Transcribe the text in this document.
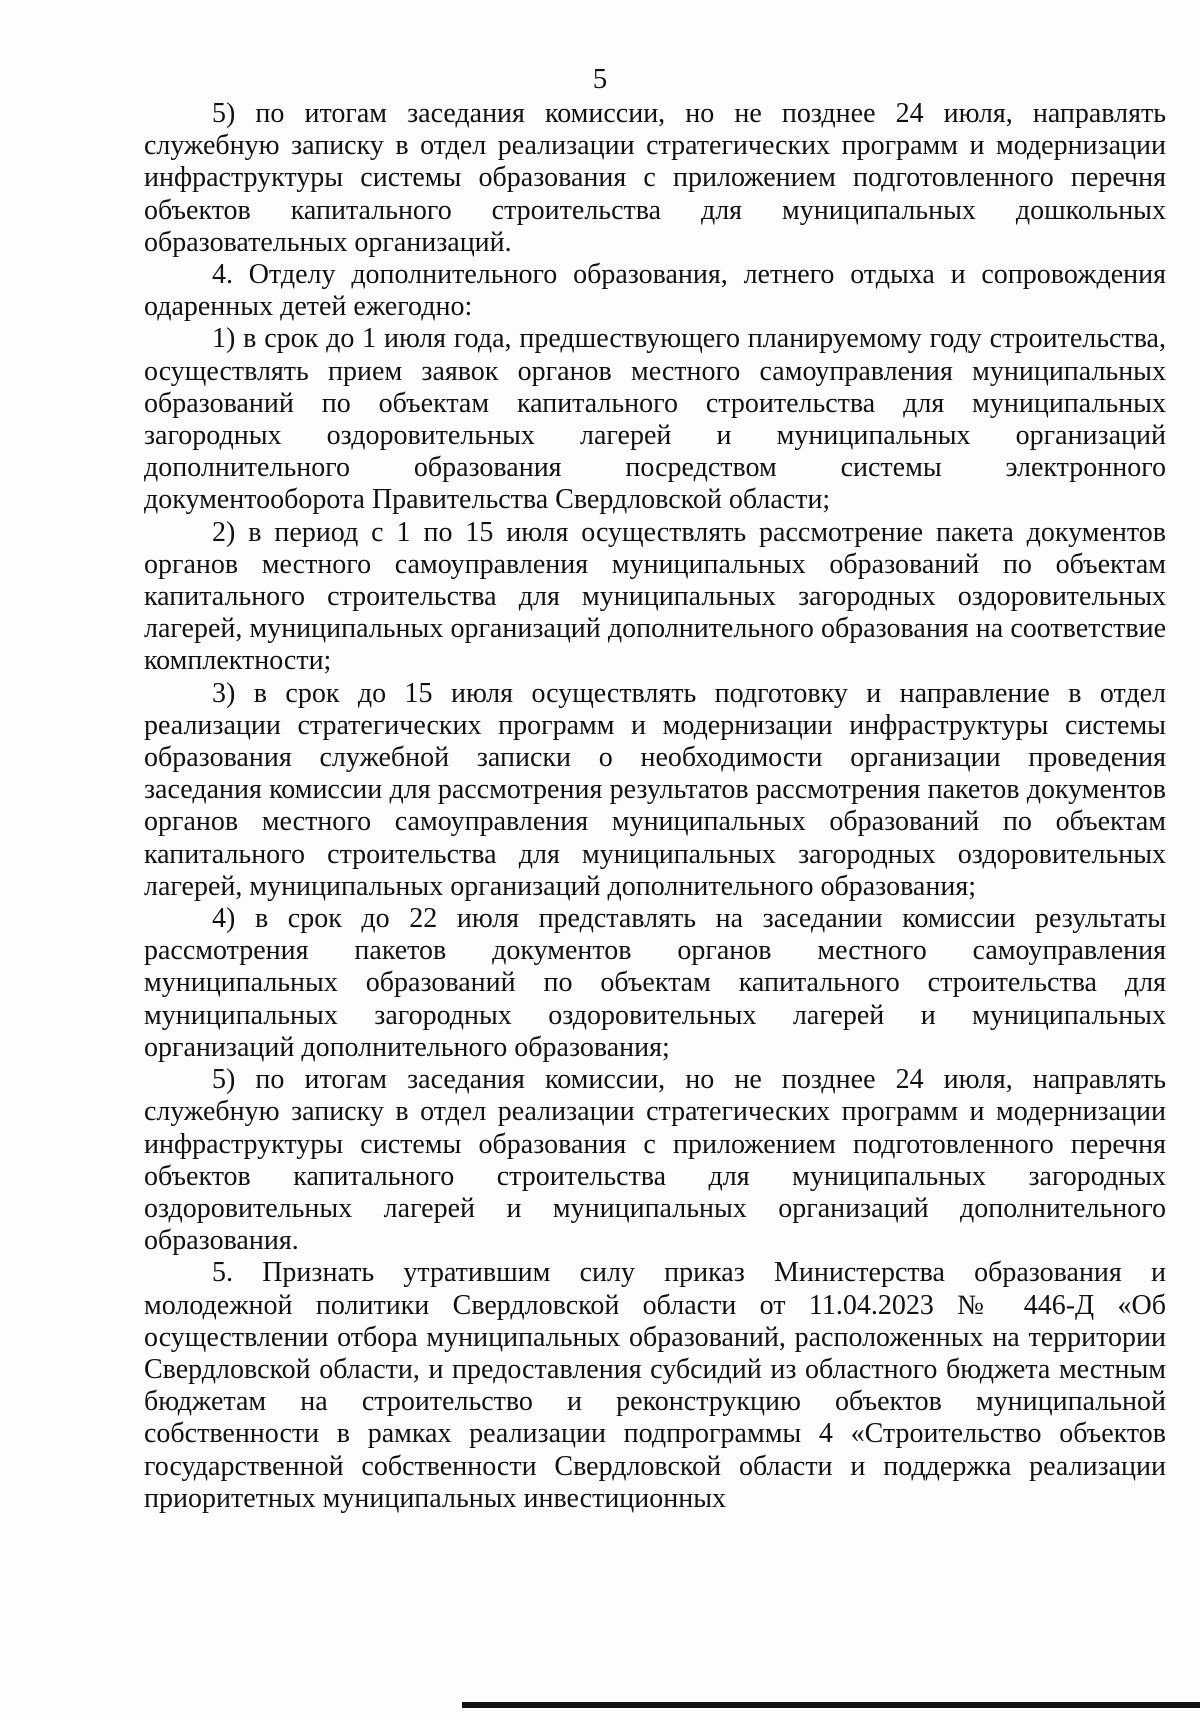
5

5) по итогам заседания комиссии, но не позднее 24 июля, направлять служебную записку в отдел реализации стратегических программ и модернизации инфраструктуры системы образования с приложением подготовленного перечня объектов капитального строительства для муниципальных дошкольных образовательных организаций.

4. Отделу дополнительного образования, летнего отдыха и сопровождения одаренных детей ежегодно:

1) в срок до 1 июля года, предшествующего планируемому году строительства, осуществлять прием заявок органов местного самоуправления муниципальных образований по объектам капитального строительства для муниципальных загородных оздоровительных лагерей и муниципальных организаций дополнительного образования посредством системы электронного документооборота Правительства Свердловской области;

2) в период с 1 по 15 июля осуществлять рассмотрение пакета документов органов местного самоуправления муниципальных образований по объектам капитального строительства для муниципальных загородных оздоровительных лагерей, муниципальных организаций дополнительного образования на соответствие комплектности;

3) в срок до 15 июля осуществлять подготовку и направление в отдел реализации стратегических программ и модернизации инфраструктуры системы образования служебной записки о необходимости организации проведения заседания комиссии для рассмотрения результатов рассмотрения пакетов документов органов местного самоуправления муниципальных образований по объектам капитального строительства для муниципальных загородных оздоровительных лагерей, муниципальных организаций дополнительного образования;

4) в срок до 22 июля представлять на заседании комиссии результаты рассмотрения пакетов документов органов местного самоуправления муниципальных образований по объектам капитального строительства для муниципальных загородных оздоровительных лагерей и муниципальных организаций дополнительного образования;

5) по итогам заседания комиссии, но не позднее 24 июля, направлять служебную записку в отдел реализации стратегических программ и модернизации инфраструктуры системы образования с приложением подготовленного перечня объектов капитального строительства для муниципальных загородных оздоровительных лагерей и муниципальных организаций дополнительного образования.

5. Признать утратившим силу приказ Министерства образования и молодежной политики Свердловской области от 11.04.2023 № 446-Д «Об осуществлении отбора муниципальных образований, расположенных на территории Свердловской области, и предоставления субсидий из областного бюджета местным бюджетам на строительство и реконструкцию объектов муниципальной собственности в рамках реализации подпрограммы 4 «Строительство объектов государственной собственности Свердловской области и поддержка реализации приоритетных муниципальных инвестиционных
